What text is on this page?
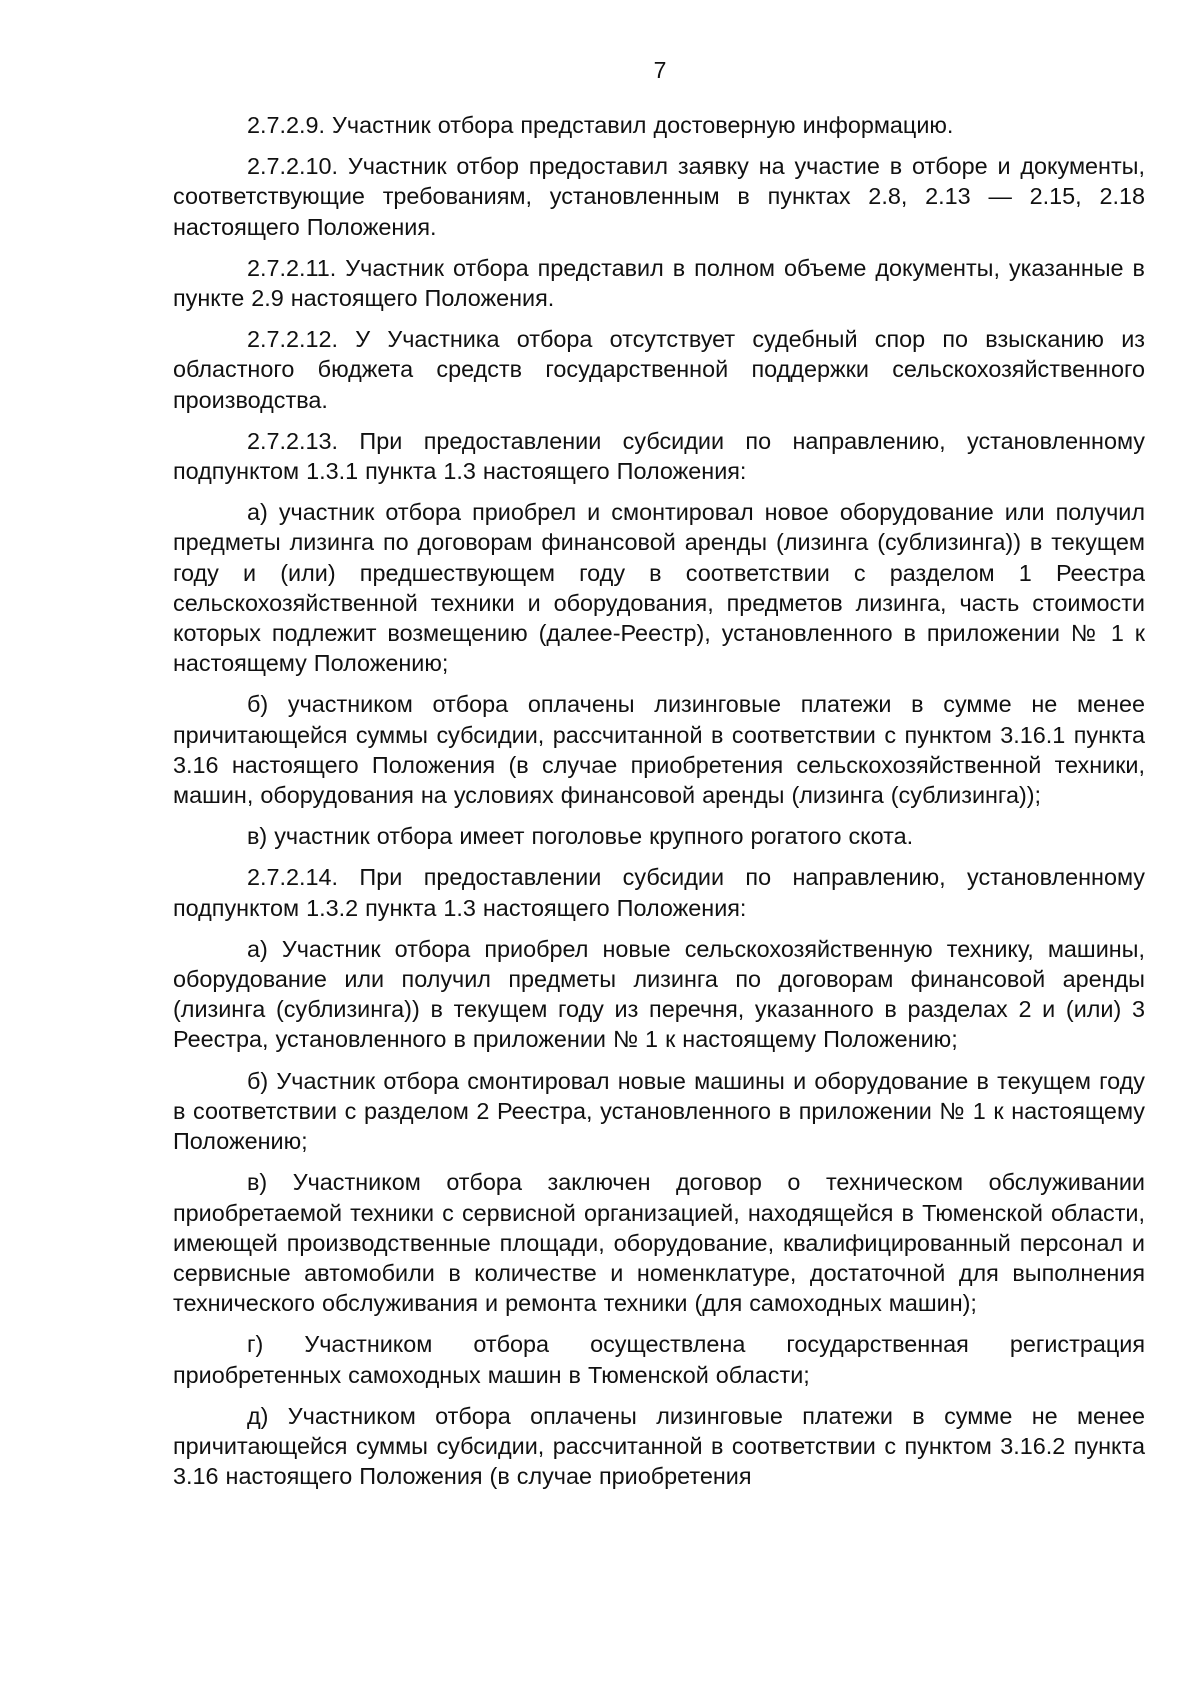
7

2.7.2.9. Участник отбора представил достоверную информацию.

2.7.2.10. Участник отбор предоставил заявку на участие в отборе и документы, соответствующие требованиям, установленным в пунктах 2.8, 2.13 — 2.15, 2.18 настоящего Положения.

2.7.2.11. Участник отбора представил в полном объеме документы, указанные в пункте 2.9 настоящего Положения.

2.7.2.12. У Участника отбора отсутствует судебный спор по взысканию из областного бюджета средств государственной поддержки сельскохозяйственного производства.

2.7.2.13. При предоставлении субсидии по направлению, установленному подпунктом 1.3.1 пункта 1.3 настоящего Положения:

а) участник отбора приобрел и смонтировал новое оборудование или получил предметы лизинга по договорам финансовой аренды (лизинга (сублизинга)) в текущем году и (или) предшествующем году в соответствии с разделом 1 Реестра сельскохозяйственной техники и оборудования, предметов лизинга, часть стоимости которых подлежит возмещению (далее-Реестр), установленного в приложении № 1 к настоящему Положению;

б) участником отбора оплачены лизинговые платежи в сумме не менее причитающейся суммы субсидии, рассчитанной в соответствии с пунктом 3.16.1 пункта 3.16 настоящего Положения (в случае приобретения сельскохозяйственной техники, машин, оборудования на условиях финансовой аренды (лизинга (сублизинга));

в) участник отбора имеет поголовье крупного рогатого скота.

2.7.2.14. При предоставлении субсидии по направлению, установленному подпунктом 1.3.2 пункта 1.3 настоящего Положения:

а) Участник отбора приобрел новые сельскохозяйственную технику, машины, оборудование или получил предметы лизинга по договорам финансовой аренды (лизинга (сублизинга)) в текущем году из перечня, указанного в разделах 2 и (или) 3 Реестра, установленного в приложении № 1 к настоящему Положению;

б) Участник отбора смонтировал новые машины и оборудование в текущем году в соответствии с разделом 2 Реестра, установленного в приложении № 1 к настоящему Положению;

в) Участником отбора заключен договор о техническом обслуживании приобретаемой техники с сервисной организацией, находящейся в Тюменской области, имеющей производственные площади, оборудование, квалифицированный персонал и сервисные автомобили в количестве и номенклатуре, достаточной для выполнения технического обслуживания и ремонта техники (для самоходных машин);

г) Участником отбора осуществлена государственная регистрация приобретенных самоходных машин в Тюменской области;

д) Участником отбора оплачены лизинговые платежи в сумме не менее причитающейся суммы субсидии, рассчитанной в соответствии с пунктом 3.16.2 пункта 3.16 настоящего Положения (в случае приобретения
